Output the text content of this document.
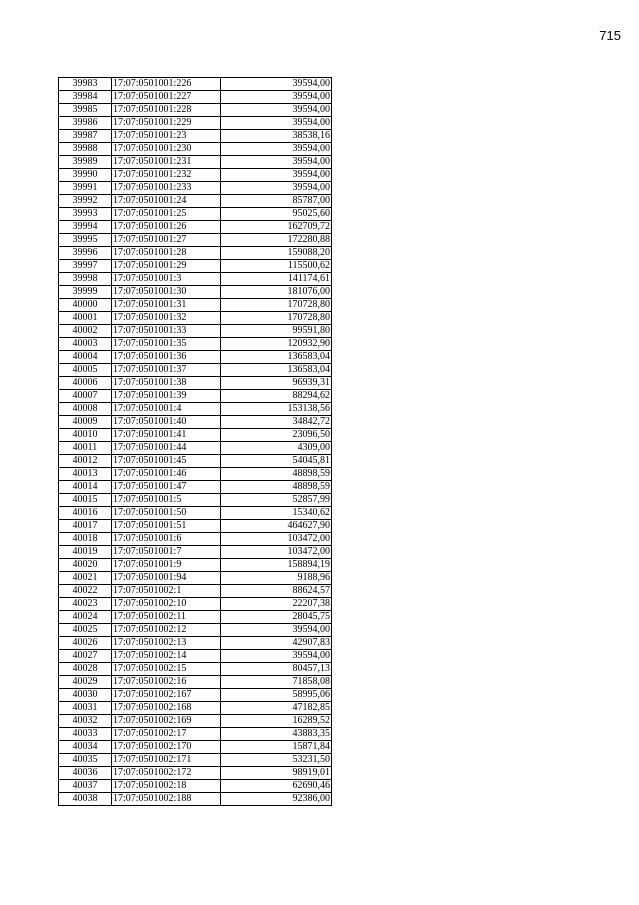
715
39983	17:07:0501001:226	39594,00
39984	17:07:0501001:227	39594,00
39985	17:07:0501001:228	39594,00
39986	17:07:0501001:229	39594,00
39987	17:07:0501001:23	38538,16
39988	17:07:0501001:230	39594,00
39989	17:07:0501001:231	39594,00
39990	17:07:0501001:232	39594,00
39991	17:07:0501001:233	39594,00
39992	17:07:0501001:24	85787,00
39993	17:07:0501001:25	95025,60
39994	17:07:0501001:26	162709,72
39995	17:07:0501001:27	172280,88
39996	17:07:0501001:28	159088,20
39997	17:07:0501001:29	115500,62
39998	17:07:0501001:3	141174,61
39999	17:07:0501001:30	181076,00
40000	17:07:0501001:31	170728,80
40001	17:07:0501001:32	170728,80
40002	17:07:0501001:33	99591,80
40003	17:07:0501001:35	120932,90
40004	17:07:0501001:36	136583,04
40005	17:07:0501001:37	136583,04
40006	17:07:0501001:38	96939,31
40007	17:07:0501001:39	88294,62
40008	17:07:0501001:4	153138,56
40009	17:07:0501001:40	34842,72
40010	17:07:0501001:41	23096,50
40011	17:07:0501001:44	4309,00
40012	17:07:0501001:45	54045,81
40013	17:07:0501001:46	48898,59
40014	17:07:0501001:47	48898,59
40015	17:07:0501001:5	52857,99
40016	17:07:0501001:50	15340,62
40017	17:07:0501001:51	464627,90
40018	17:07:0501001:6	103472,00
40019	17:07:0501001:7	103472,00
40020	17:07:0501001:9	158894,19
40021	17:07:0501001:94	9188,96
40022	17:07:0501002:1	88624,57
40023	17:07:0501002:10	22207,38
40024	17:07:0501002:11	28045,75
40025	17:07:0501002:12	39594,00
40026	17:07:0501002:13	42907,83
40027	17:07:0501002:14	39594,00
40028	17:07:0501002:15	80457,13
40029	17:07:0501002:16	71858,08
40030	17:07:0501002:167	58995,06
40031	17:07:0501002:168	47182,85
40032	17:07:0501002:169	16289,52
40033	17:07:0501002:17	43883,35
40034	17:07:0501002:170	15871,84
40035	17:07:0501002:171	53231,50
40036	17:07:0501002:172	98919,01
40037	17:07:0501002:18	62690,46
40038	17:07:0501002:188	92386,00
